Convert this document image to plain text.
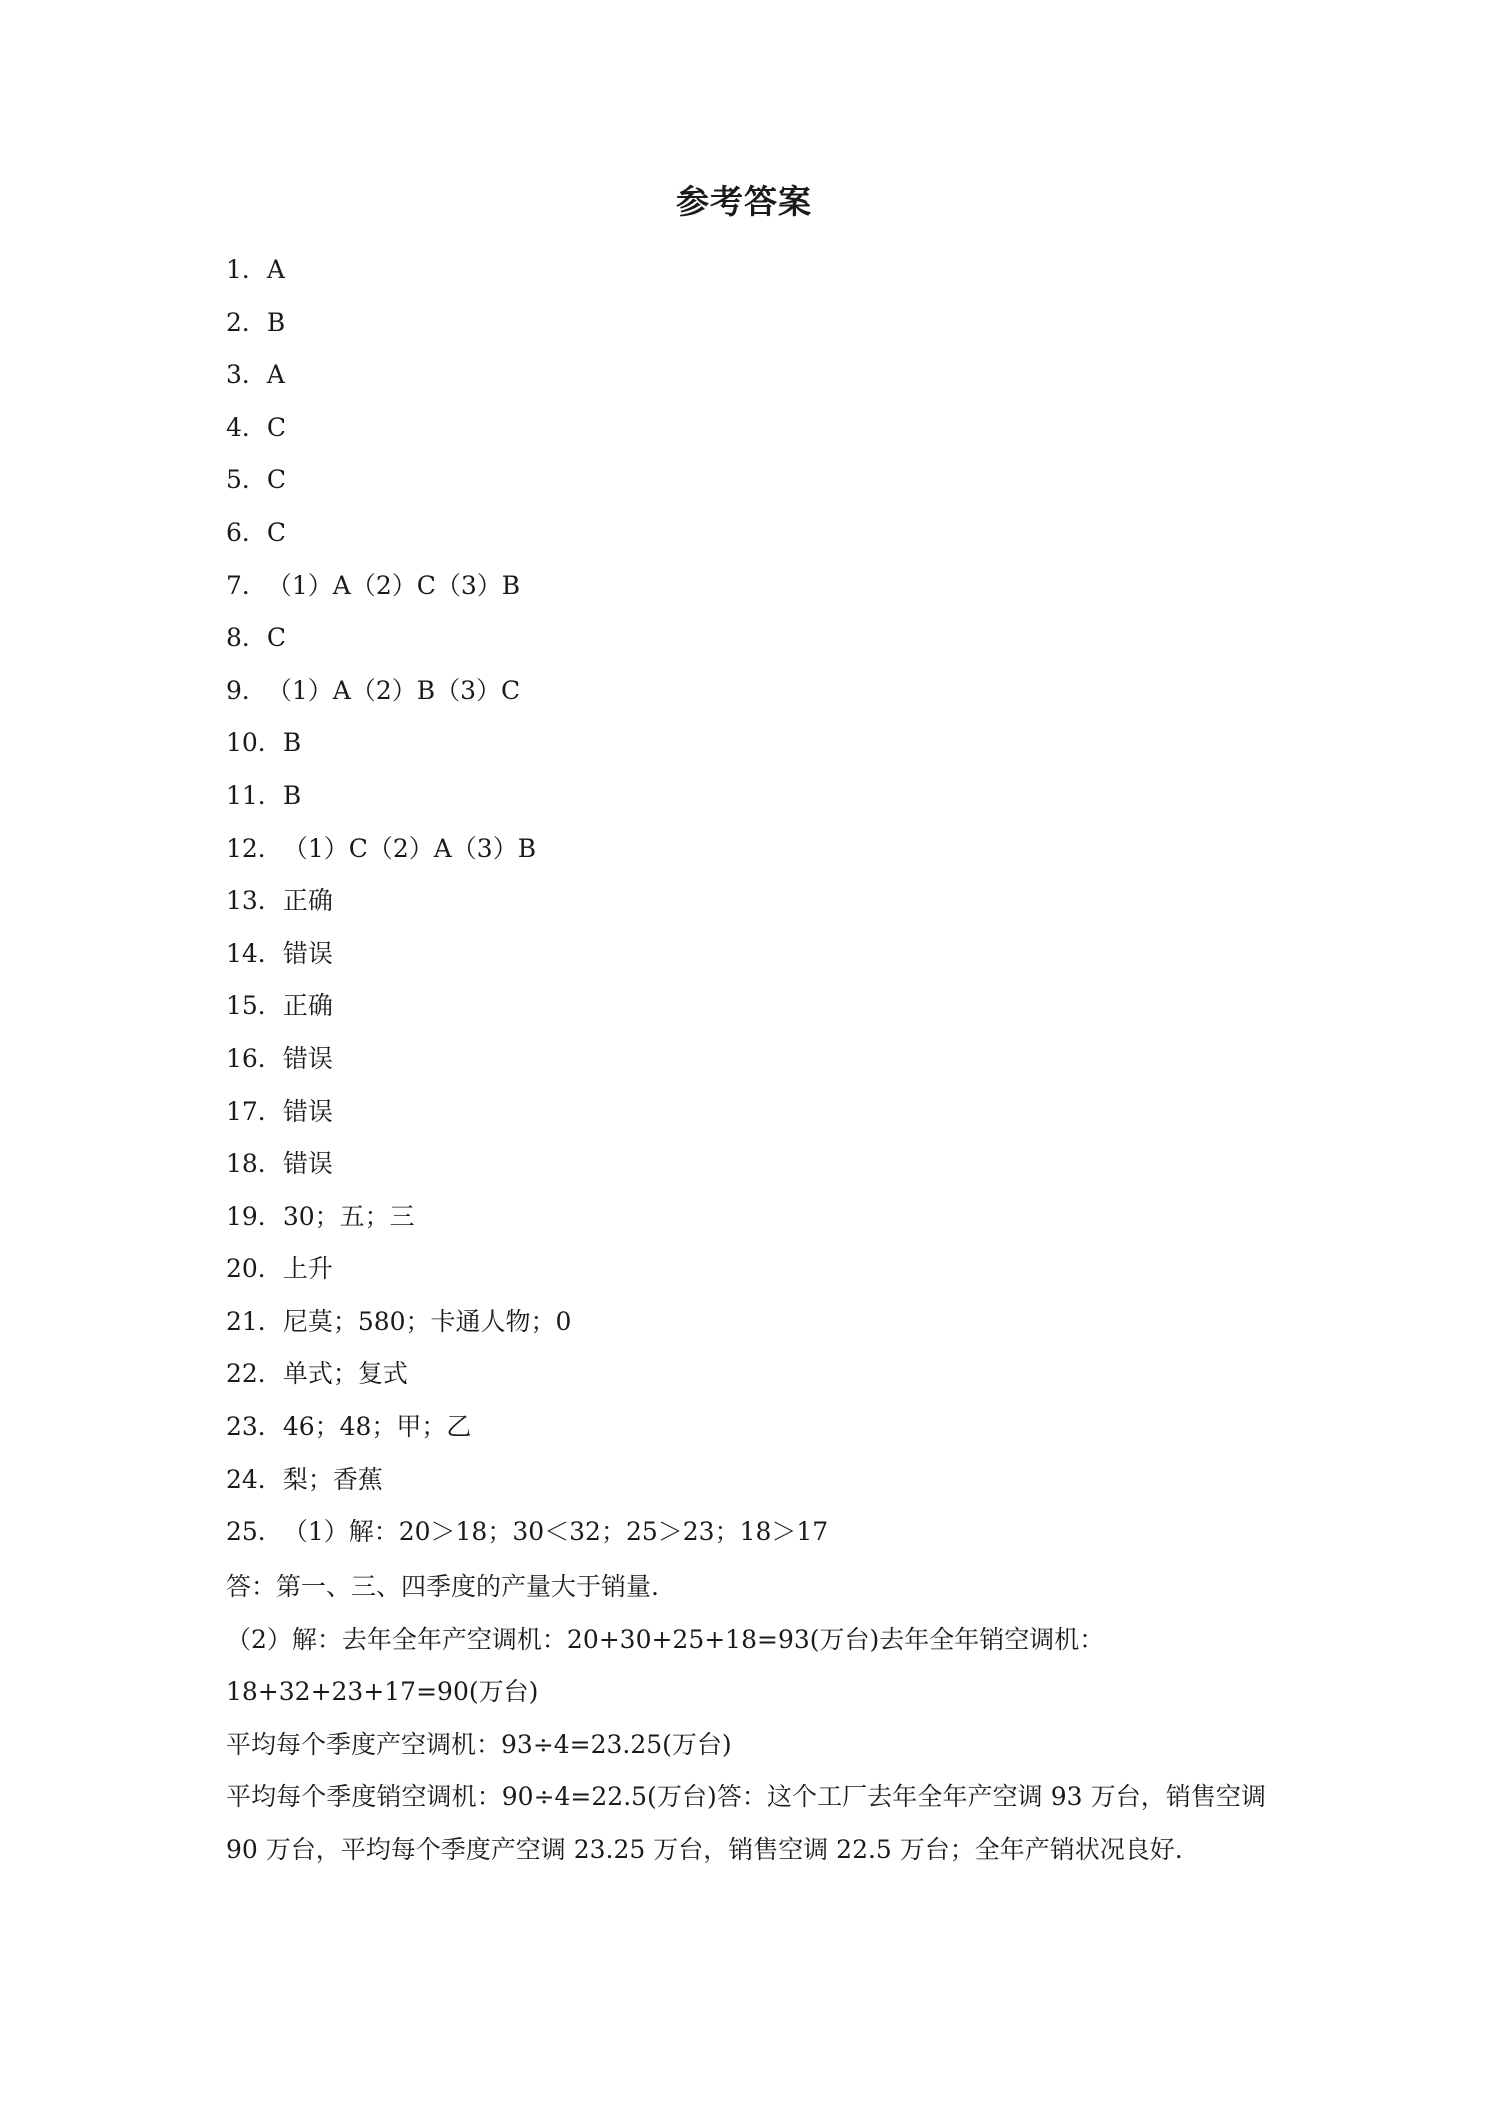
参考答案
1．A
2．B
3．A
4．C
5．C
6．C
7．（1）A（2）C（3）B
8．C
9．（1）A（2）B（3）C
10．B
11．B
12．（1）C（2）A（3）B
13．正确
14．错误
15．正确
16．错误
17．错误
18．错误
19．30；五；三
20．上升
21．尼莫；580；卡通人物；0
22．单式；复式
23．46；48；甲；乙
24．梨；香蕉
25．（1）解：20＞18；30＜32；25＞23；18＞17
答：第一、三、四季度的产量大于销量.
（2）解：去年全年产空调机：20+30+25+18=93(万台)去年全年销空调机：
18+32+23+17=90(万台)
平均每个季度产空调机：93÷4=23.25(万台)
平均每个季度销空调机：90÷4=22.5(万台)答：这个工厂去年全年产空调 93 万台，销售空调 90 万台，平均每个季度产空调 23.25 万台，销售空调 22.5 万台；全年产销状况良好.
